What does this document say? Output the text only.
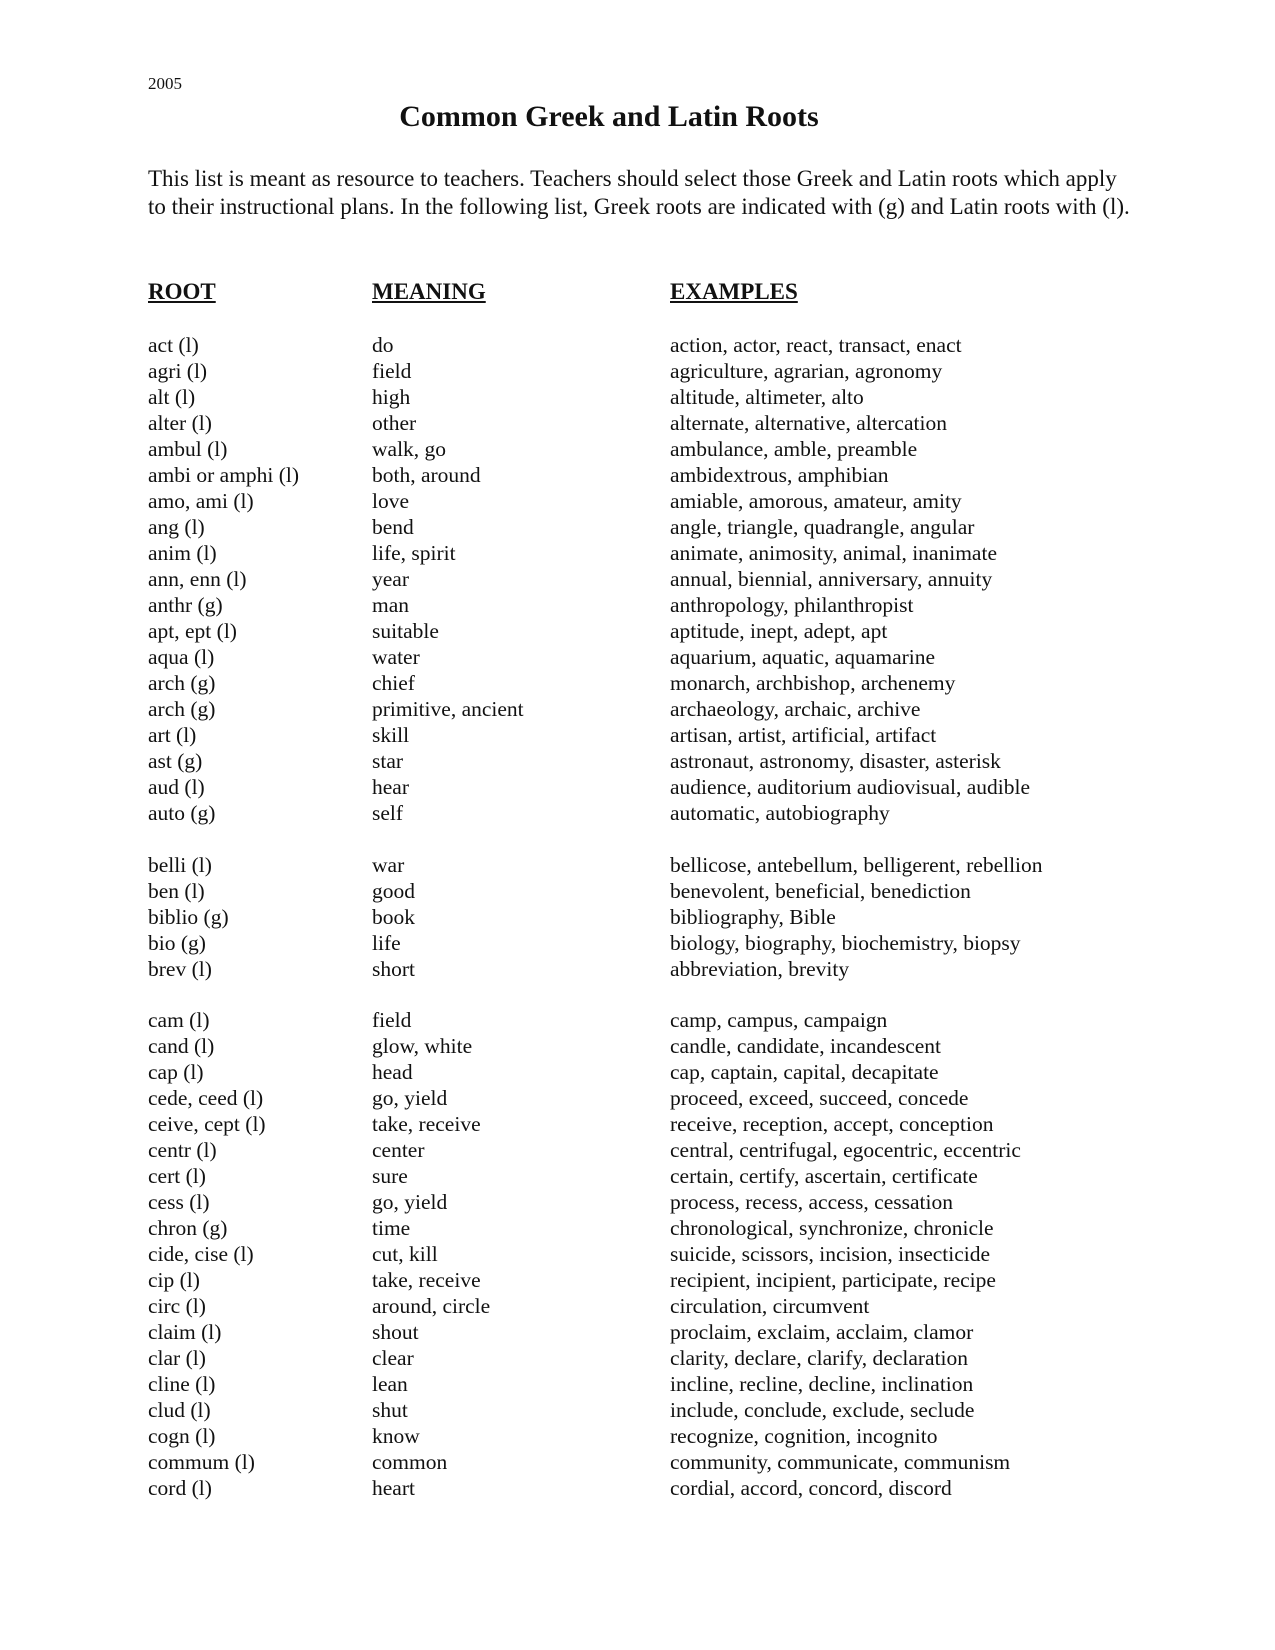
2005
Common Greek and Latin Roots

This list is meant as resource to teachers. Teachers should select those Greek and Latin roots which apply to their instructional plans. In the following list, Greek roots are indicated with (g) and Latin roots with (l).

ROOT	MEANING	EXAMPLES
act (l)	do	action, actor, react, transact, enact
agri (l)	field	agriculture, agrarian, agronomy
alt (l)	high	altitude, altimeter, alto
alter (l)	other	alternate, alternative, altercation
ambul (l)	walk, go	ambulance, amble, preamble
ambi or amphi (l)	both, around	ambidextrous, amphibian
amo, ami (l)	love	amiable, amorous, amateur, amity
ang (l)	bend	angle, triangle, quadrangle, angular
anim (l)	life, spirit	animate, animosity, animal, inanimate
ann, enn (l)	year	annual, biennial, anniversary, annuity
anthr (g)	man	anthropology, philanthropist
apt, ept (l)	suitable	aptitude, inept, adept, apt
aqua (l)	water	aquarium, aquatic, aquamarine
arch (g)	chief	monarch, archbishop, archenemy
arch (g)	primitive, ancient	archaeology, archaic, archive
art (l)	skill	artisan, artist, artificial, artifact
ast (g)	star	astronaut, astronomy, disaster, asterisk
aud (l)	hear	audience, auditorium audiovisual, audible
auto (g)	self	automatic, autobiography
belli (l)	war	bellicose, antebellum, belligerent, rebellion
ben (l)	good	benevolent, beneficial, benediction
biblio (g)	book	bibliography, Bible
bio (g)	life	biology, biography, biochemistry, biopsy
brev (l)	short	abbreviation, brevity
cam (l)	field	camp, campus, campaign
cand (l)	glow, white	candle, candidate, incandescent
cap (l)	head	cap, captain, capital, decapitate
cede, ceed (l)	go, yield	proceed, exceed, succeed, concede
ceive, cept (l)	take, receive	receive, reception, accept, conception
centr (l)	center	central, centrifugal, egocentric, eccentric
cert (l)	sure	certain, certify, ascertain, certificate
cess (l)	go, yield	process, recess, access, cessation
chron (g)	time	chronological, synchronize, chronicle
cide, cise (l)	cut, kill	suicide, scissors, incision, insecticide
cip (l)	take, receive	recipient, incipient, participate, recipe
circ (l)	around, circle	circulation, circumvent
claim (l)	shout	proclaim, exclaim, acclaim, clamor
clar (l)	clear	clarity, declare, clarify, declaration
cline (l)	lean	incline, recline, decline, inclination
clud (l)	shut	include, conclude, exclude, seclude
cogn (l)	know	recognize, cognition, incognito
commum (l)	common	community, communicate, communism
cord (l)	heart	cordial, accord, concord, discord
